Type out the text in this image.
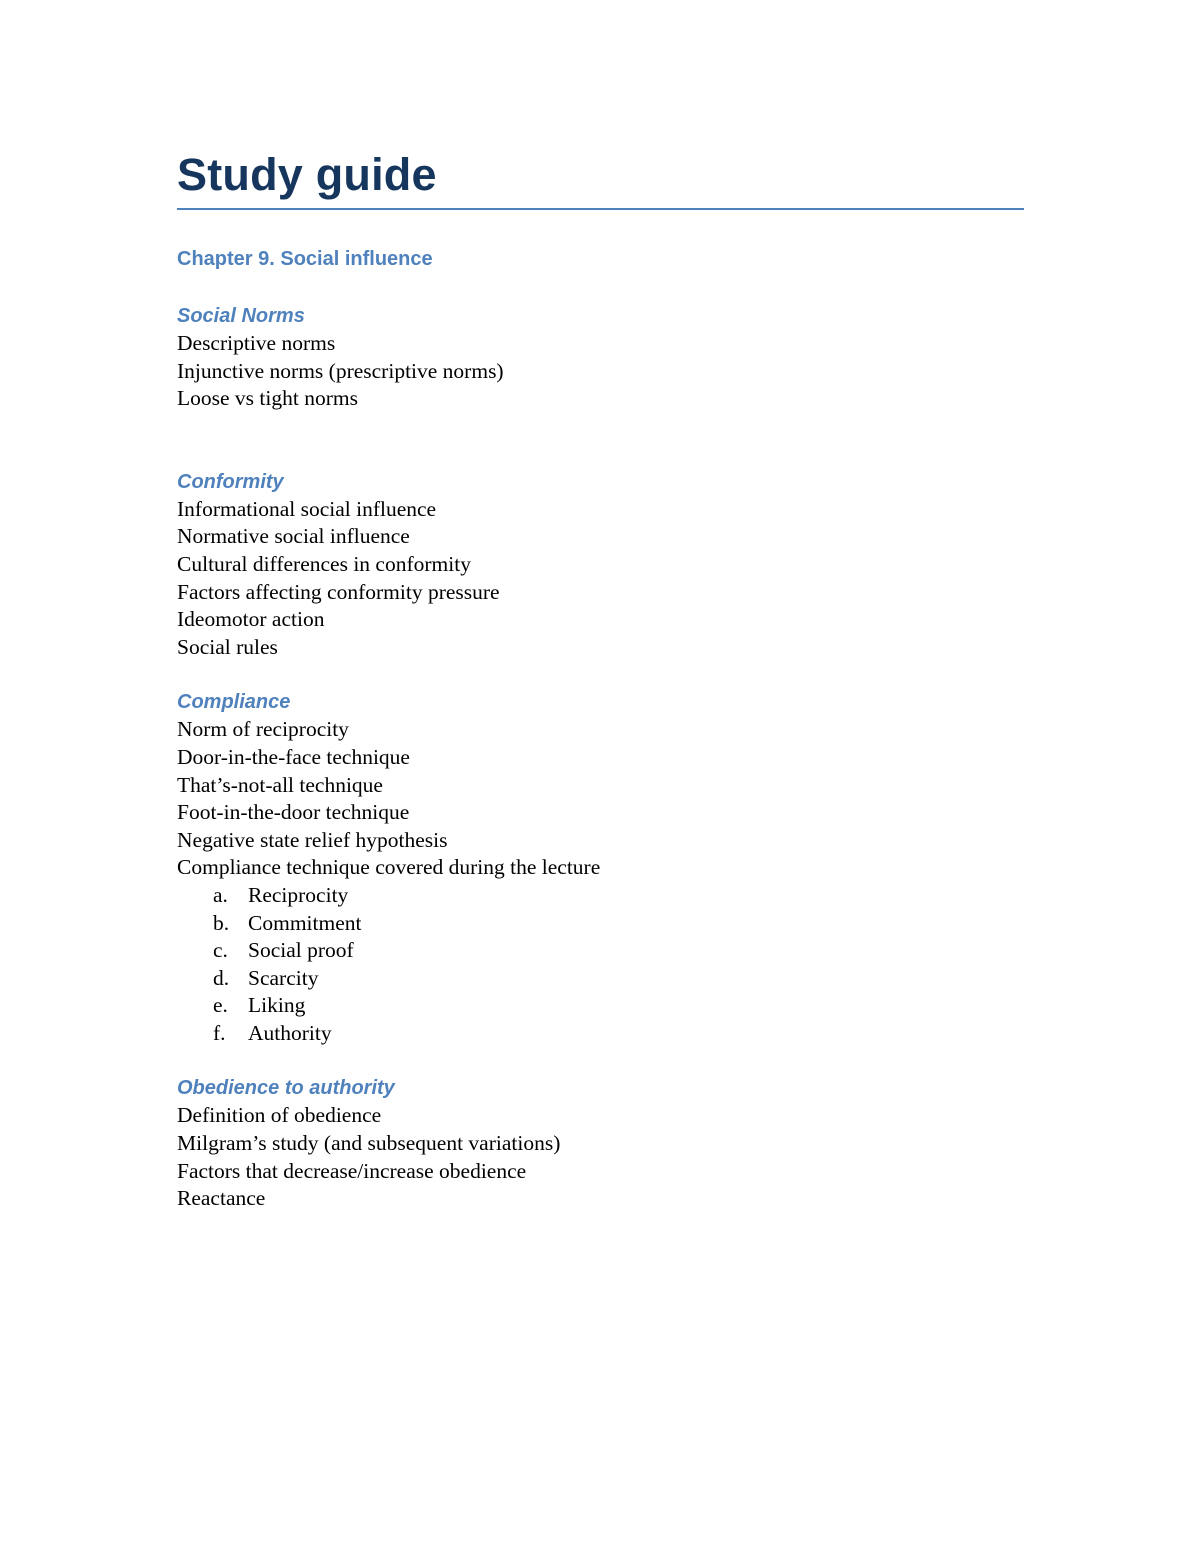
Study guide
Chapter 9. Social influence
Social Norms

Descriptive norms

Injunctive norms (prescriptive norms)

Loose vs tight norms

Conformity

Informational social influence

Normative social influence

Cultural differences in conformity

Factors affecting conformity pressure

Ideomotor action

Social rules

Compliance

Norm of reciprocity

Door-in-the-face technique

That’s-not-all technique

Foot-in-the-door technique

Negative state relief hypothesis

Compliance technique covered during the lecture

a. Reciprocity
b. Commitment
c. Social proof
d. Scarcity
e. Liking
f. Authority
Obedience to authority

Definition of obedience

Milgram’s study (and subsequent variations)

Factors that decrease/increase obedience

Reactance
